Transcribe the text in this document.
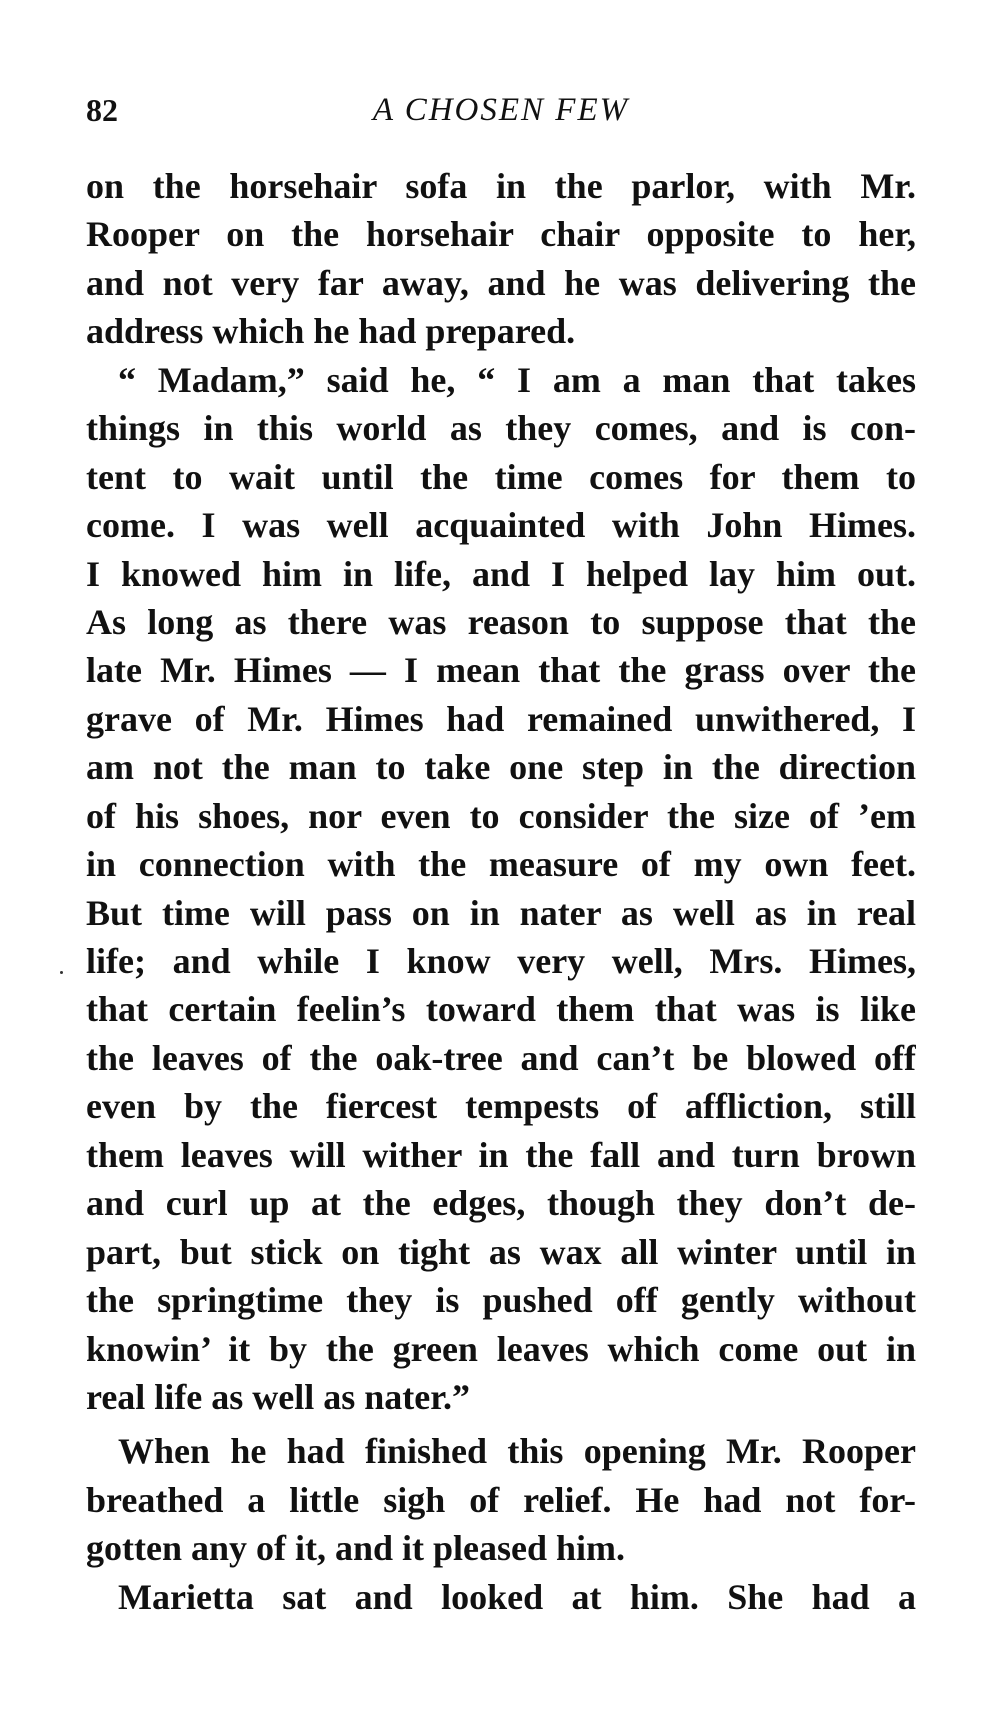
82	A CHOSEN FEW
on the horsehair sofa in the parlor, with Mr.
Rooper on the horsehair chair opposite to her,
and not very far away, and he was delivering the
address which he had prepared.
“ Madam,” said he, “ I am a man that takes
things in this world as they comes, and is con-
tent to wait until the time comes for them to
come. I was well acquainted with John Himes.
I knowed him in life, and I helped lay him out.
As long as there was reason to suppose that the
late Mr. Himes — I mean that the grass over the
grave of Mr. Himes had remained unwithered, I
am not the man to take one step in the direction
of his shoes, nor even to consider the size of ’em
in connection with the measure of my own feet.
But time will pass on in nater as well as in real
life; and while I know very well, Mrs. Himes,
that certain feelin’s toward them that was is like
the leaves of the oak-tree and can’t be blowed off
even by the fiercest tempests of affliction, still
them leaves will wither in the fall and turn brown
and curl up at the edges, though they don’t de-
part, but stick on tight as wax all winter until in
the springtime they is pushed off gently without
knowin’ it by the green leaves which come out in
real life as well as nater.”
When he had finished this opening Mr. Rooper
breathed a little sigh of relief. He had not for-
gotten any of it, and it pleased him.
Marietta sat and looked at him. She had a
